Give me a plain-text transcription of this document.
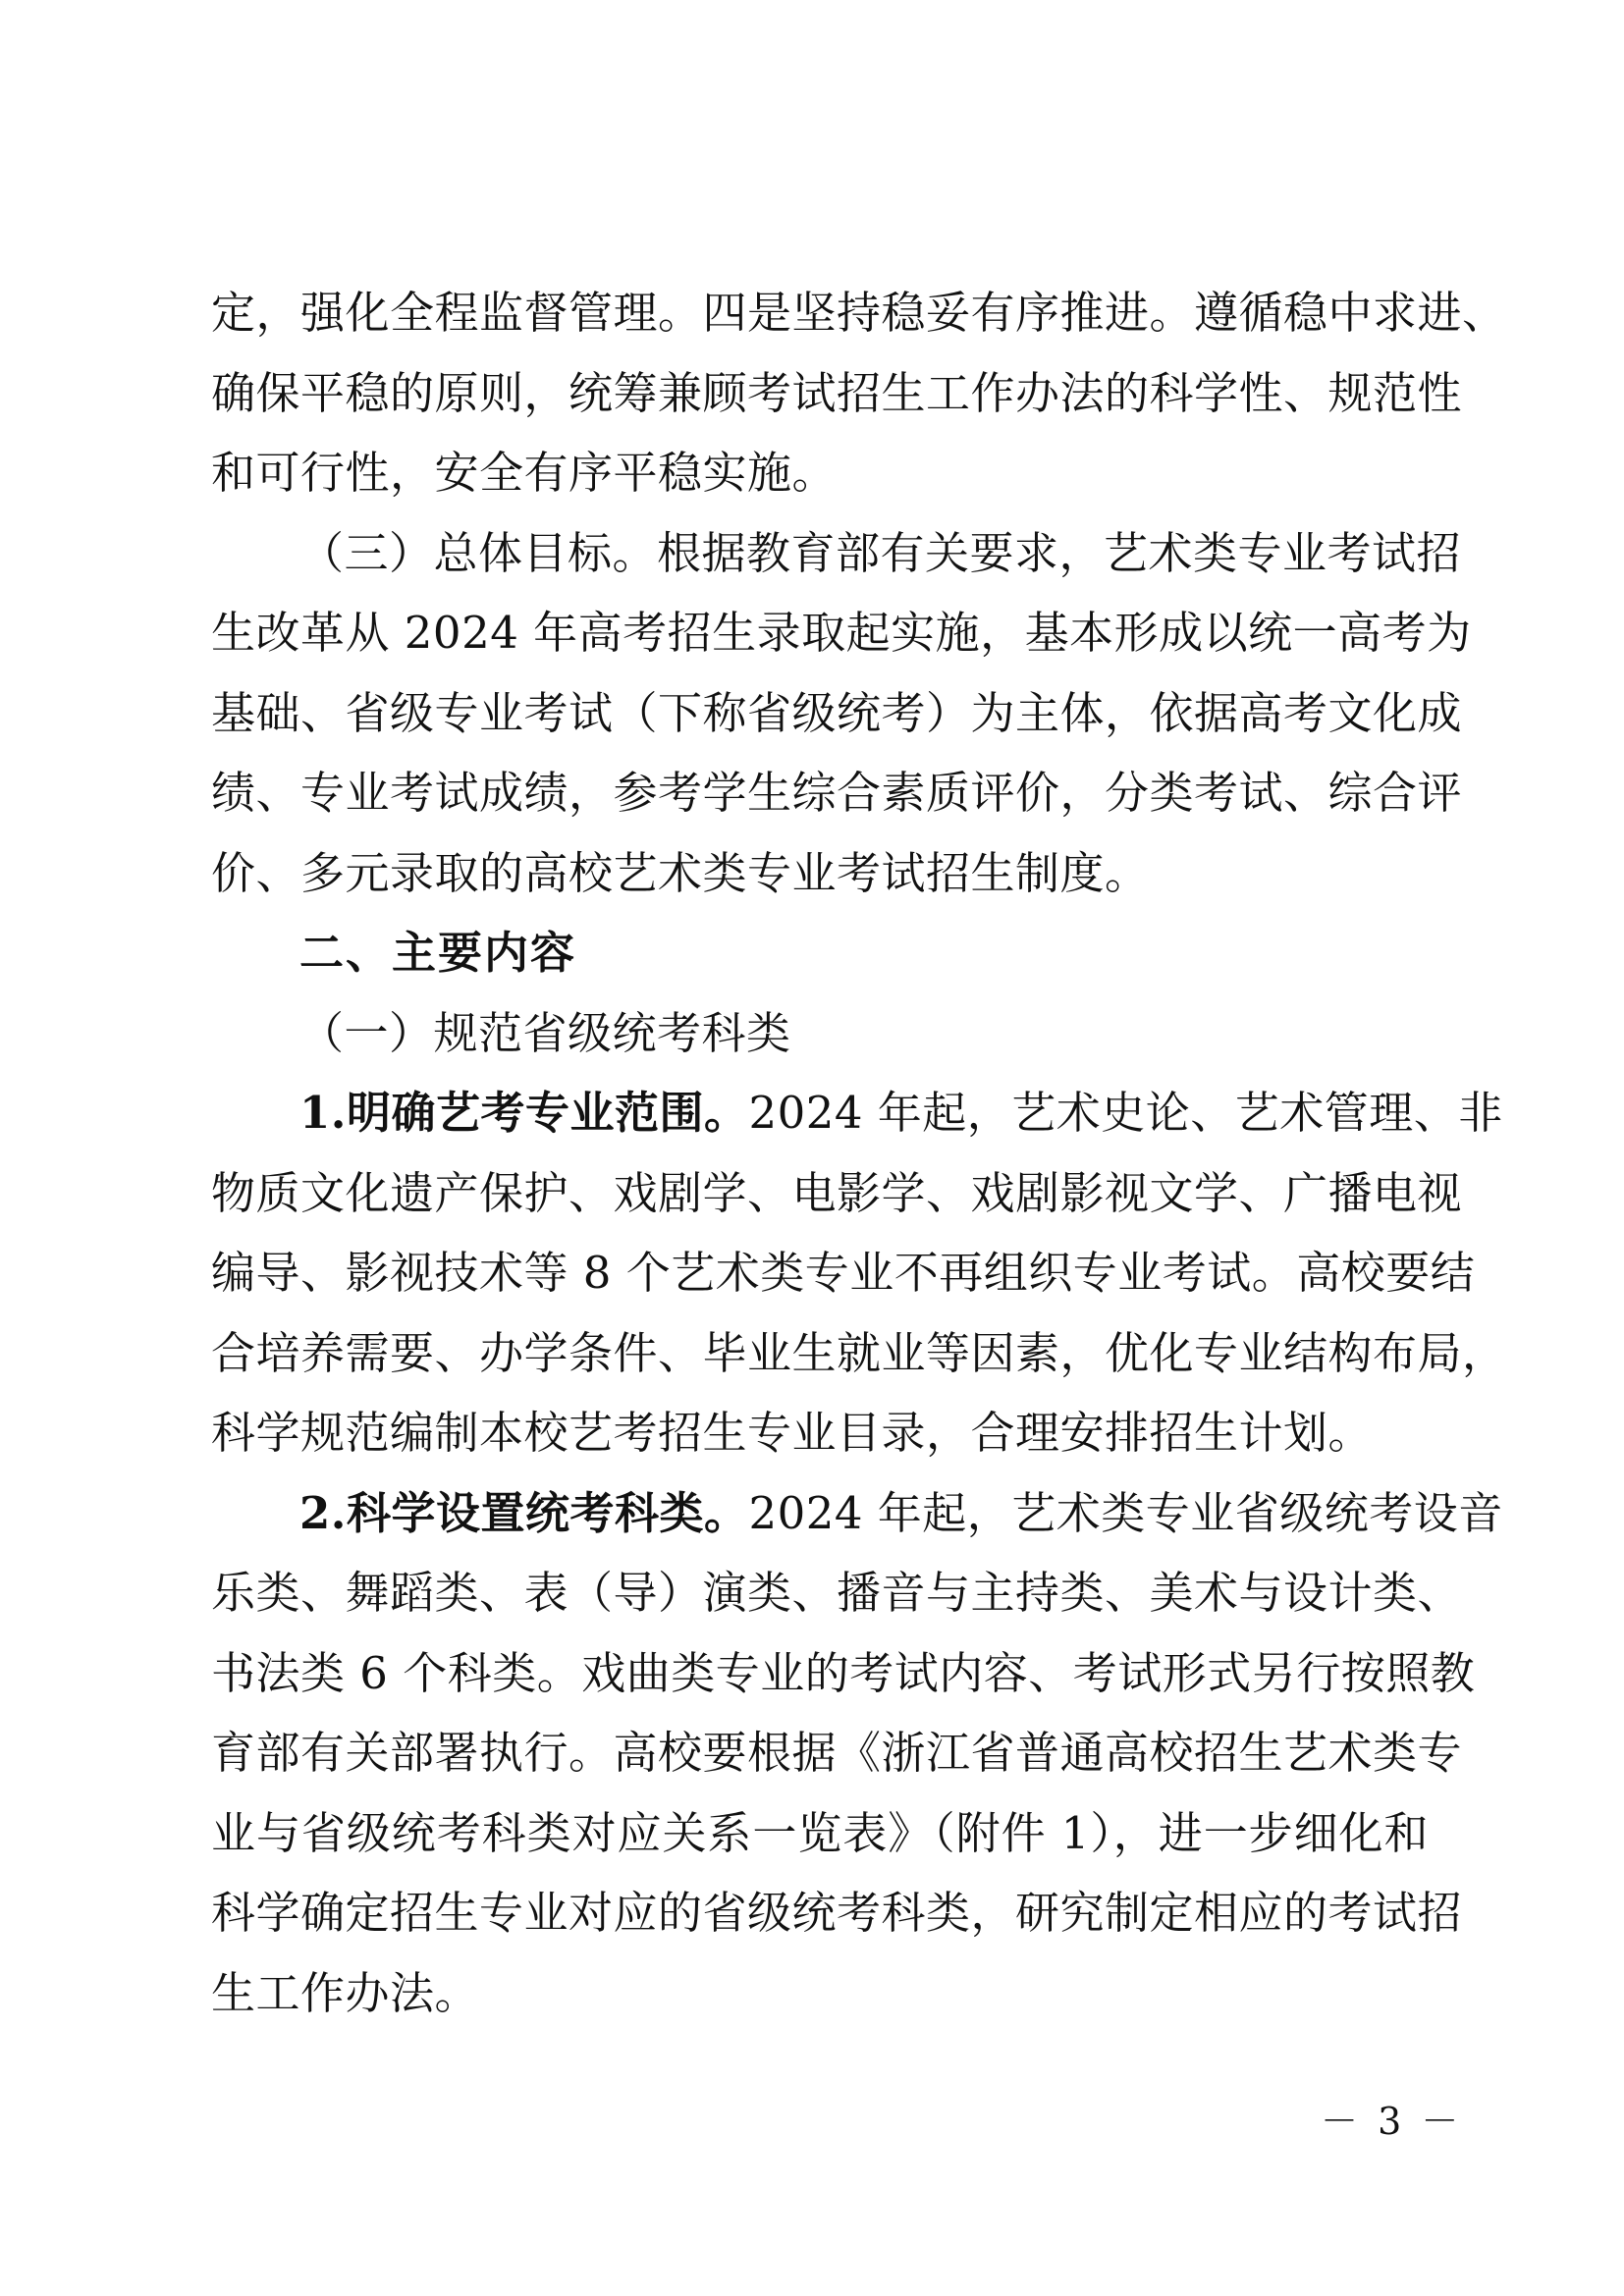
定，强化全程监督管理。四是坚持稳妥有序推进。遵循稳中求进、
确保平稳的原则，统筹兼顾考试招生工作办法的科学性、规范性
和可行性，安全有序平稳实施。
（三）总体目标。根据教育部有关要求，艺术类专业考试招
生改革从 2024 年高考招生录取起实施，基本形成以统一高考为
基础、省级专业考试（下称省级统考）为主体，依据高考文化成
绩、专业考试成绩，参考学生综合素质评价，分类考试、综合评
价、多元录取的高校艺术类专业考试招生制度。
二、主要内容
（一）规范省级统考科类
1.明确艺考专业范围。2024 年起，艺术史论、艺术管理、非
物质文化遗产保护、戏剧学、电影学、戏剧影视文学、广播电视
编导、影视技术等 8 个艺术类专业不再组织专业考试。高校要结
合培养需要、办学条件、毕业生就业等因素，优化专业结构布局，
科学规范编制本校艺考招生专业目录，合理安排招生计划。
2.科学设置统考科类。2024 年起，艺术类专业省级统考设音
乐类、舞蹈类、表（导）演类、播音与主持类、美术与设计类、
书法类 6 个科类。戏曲类专业的考试内容、考试形式另行按照教
育部有关部署执行。高校要根据《浙江省普通高校招生艺术类专
业与省级统考科类对应关系一览表》（附件 1），进一步细化和
科学确定招生专业对应的省级统考科类，研究制定相应的考试招
生工作办法。
－ 3 －
